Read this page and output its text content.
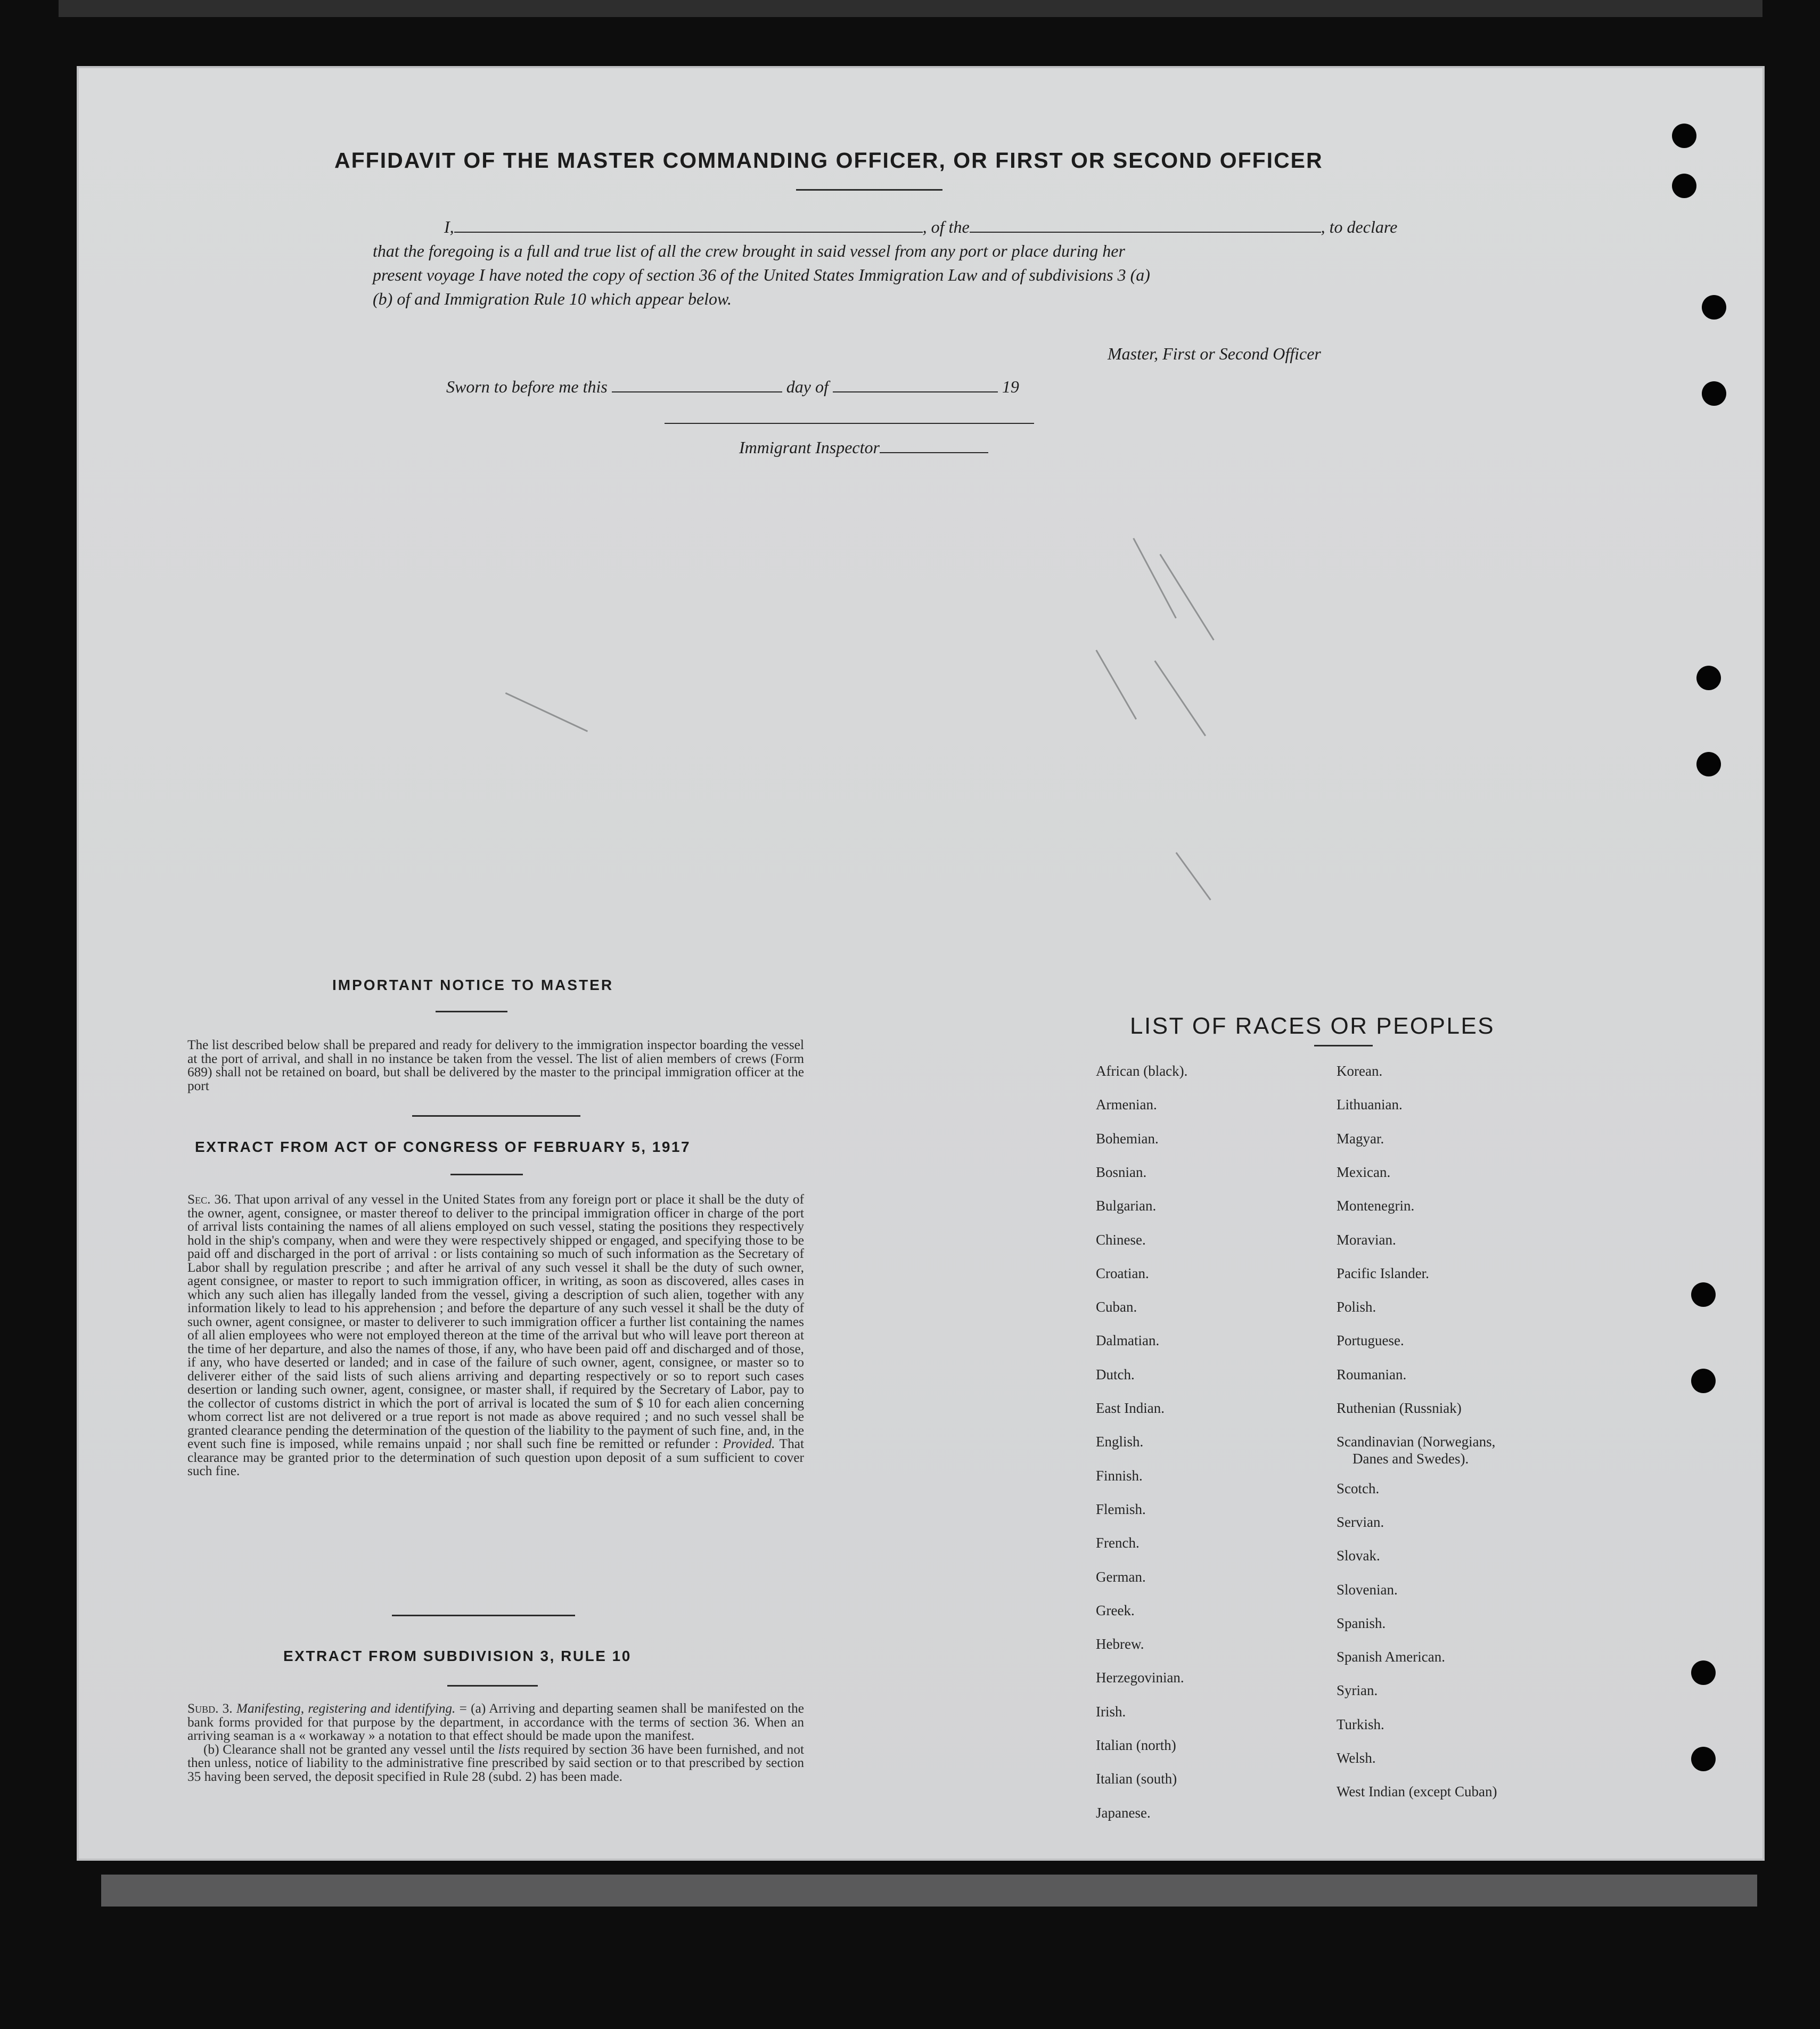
AFFIDAVIT OF THE MASTER COMMANDING OFFICER, OR FIRST OR SECOND OFFICER
I,	, of the	, to declare
that the foregoing is a full and true list of all the crew brought in said vessel from any port or place during her
present voyage I have noted the copy of section 36 of the United States Immigration Law and of subdivisions 3 (a)
(b) of and Immigration Rule 10 which appear below.
Master, First or Second Officer
Sworn to before me this	day of	19
Immigrant Inspector
IMPORTANT NOTICE TO MASTER
The list described below shall be prepared and ready for delivery to the immigration inspector boarding the vessel at the port of arrival, and shall in no instance be taken from the vessel. The list of alien members of crews (Form 689) shall not be retained on board, but shall be delivered by the master to the principal immigration officer at the port
EXTRACT FROM ACT OF CONGRESS OF FEBRUARY 5, 1917

Sec. 36. That upon arrival of any vessel in the United States from any foreign port or place it shall be the duty of the owner, agent, consignee, or master thereof to deliver to the principal immigration officer in charge of the port of arrival lists containing the names of all aliens employed on such vessel, stating the positions they respectively hold in the ship's company, when and were they were respectively shipped or engaged, and specifying those to be paid off and discharged in the port of arrival : or lists containing so much of such information as the Secretary of Labor shall by regulation prescribe ; and after he arrival of any such vessel it shall be the duty of such owner, agent consignee, or master to report to such immigration officer, in writing, as soon as discovered, alles cases in which any such alien has illegally landed from the vessel, giving a description of such alien, together with any information likely to lead to his apprehension ; and before the departure of any such vessel it shall be the duty of such owner, agent consignee, or master to deliverer to such immigration officer a further list containing the names of all alien employees who were not employed thereon at the time of the arrival but who will leave port thereon at the time of her departure, and also the names of those, if any, who have been paid off and discharged and of those, if any, who have deserted or landed; and in case of the failure of such owner, agent, consignee, or master so to deliverer either of the said lists of such aliens arriving and departing respectively or so to report such cases desertion or landing such owner, agent, consignee, or master shall, if required by the Secretary of Labor, pay to the collector of customs district in which the port of arrival is located the sum of $ 10 for each alien concerning whom correct list are not delivered or a true report is not made as above required ; and no such vessel shall be granted clearance pending the determination of the question of the liability to the payment of such fine, and, in the event such fine is imposed, while remains unpaid ; nor shall such fine be remitted or refunder : Provided. That clearance may be granted prior to the determination of such question upon deposit of a sum sufficient to cover such fine.

EXTRACT FROM SUBDIVISION 3, RULE 10

Subd. 3. Manifesting, registering and identifying. = (a) Arriving and departing seamen shall be manifested on the bank forms provided for that purpose by the department, in accordance with the terms of section 36. When an arriving seaman is a « workaway » a notation to that effect should be made upon the manifest.

(b) Clearance shall not be granted any vessel until the lists required by section 36 have been furnished, and not then unless, notice of liability to the administrative fine prescribed by said section or to that prescribed by section 35 having been served, the deposit specified in Rule 28 (subd. 2) has been made.

LIST OF RACES OR PEOPLES
African (black).
Armenian.
Bohemian.
Bosnian.
Bulgarian.
Chinese.
Croatian.
Cuban.
Dalmatian.
Dutch.
East Indian.
English.
Finnish.
Flemish.
French.
German.
Greek.
Hebrew.
Herzegovinian.
Irish.
Italian (north)
Italian (south)
Japanese.
Korean.
Lithuanian.
Magyar.
Mexican.
Montenegrin.
Moravian.
Pacific Islander.
Polish.
Portuguese.
Roumanian.
Ruthenian (Russniak)
Scandinavian (Norwegians,
Danes and Swedes).
Scotch.
Servian.
Slovak.
Slovenian.
Spanish.
Spanish American.
Syrian.
Turkish.
Welsh.
West Indian (except Cuban)
